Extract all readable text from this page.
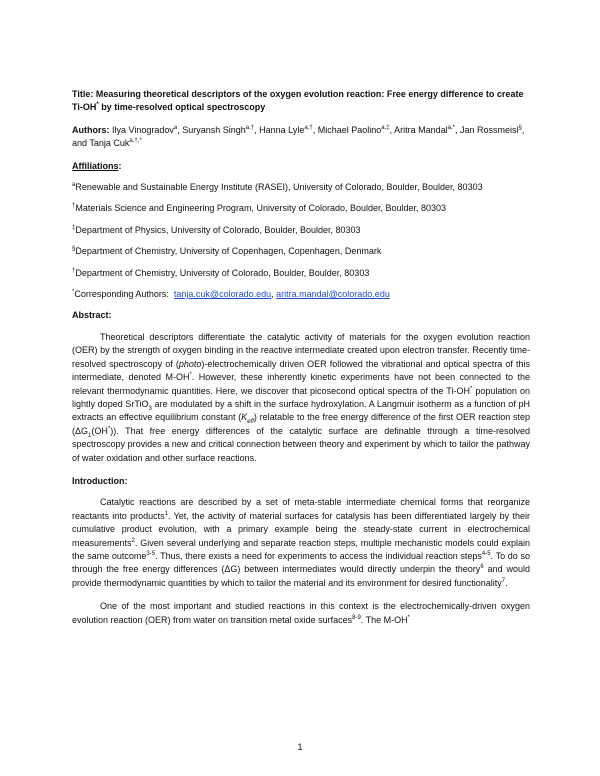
Title: Measuring theoretical descriptors of the oxygen evolution reaction: Free energy difference to create Ti-OH* by time-resolved optical spectroscopy

Authors: Ilya Vinogradov$^a$, Suryansh Singh$^{a,\dagger}$, Hanna Lyle$^{a,\dagger}$, Michael Paolino$^{a,\ddagger}$, Aritra Mandal$^{a,*}$, Jan Rossmeisl§, and Tanja Cuk$^{a,\dagger,*}$

Affiliations:

$^a$Renewable and Sustainable Energy Institute (RASEI), University of Colorado, Boulder, Boulder, 80303

†Materials Science and Engineering Program, University of Colorado, Boulder, Boulder, 80303

‡Department of Physics, University of Colorado, Boulder, Boulder, 80303

§Department of Chemistry, University of Copenhagen, Copenhagen, Denmark

†Department of Chemistry, University of Colorado, Boulder, Boulder, 80303

*Corresponding Authors:  tanja.cuk@colorado.edu, aritra.mandal@colorado.edu

Abstract:

Theoretical descriptors differentiate the catalytic activity of materials for the oxygen evolution reaction (OER) by the strength of oxygen binding in the reactive intermediate created upon electron transfer. Recently time-resolved spectroscopy of (photo)-electrochemically driven OER followed the vibrational and optical spectra of this intermediate, denoted M-OH*. However, these inherently kinetic experiments have not been connected to the relevant thermodynamic quantities. Here, we discover that picosecond optical spectra of the Ti-OH* population on lightly doped SrTiO$_3$ are modulated by a shift in the surface hydroxylation. A Langmuir isotherm as a function of pH extracts an effective equilibrium constant $(K_{eff})$ relatable to the free energy difference of the first OER reaction step $(\Delta G_1(OH^*))$. That free energy differences of the catalytic surface are definable through a time-resolved spectroscopy provides a new and critical connection between theory and experiment by which to tailor the pathway of water oxidation and other surface reactions.

Introduction:

Catalytic reactions are described by a set of meta-stable intermediate chemical forms that reorganize reactants into products$^1$. Yet, the activity of material surfaces for catalysis has been differentiated largely by their cumulative product evolution, with a primary example being the steady-state current in electrochemical measurements$^2$. Given several underlying and separate reaction steps, multiple mechanistic models could explain the same outcome$^{3-5}$. Thus, there exists a need for experiments to access the individual reaction steps$^{4-5}$. To do so through the free energy differences (ΔG) between intermediates would directly underpin the theory$^6$ and would provide thermodynamic quantities by which to tailor the material and its environment for desired functionality$^7$.

One of the most important and studied reactions in this context is the electrochemically-driven oxygen evolution reaction (OER) from water on transition metal oxide surfaces$^{8-9}$. The M-OH*

1
